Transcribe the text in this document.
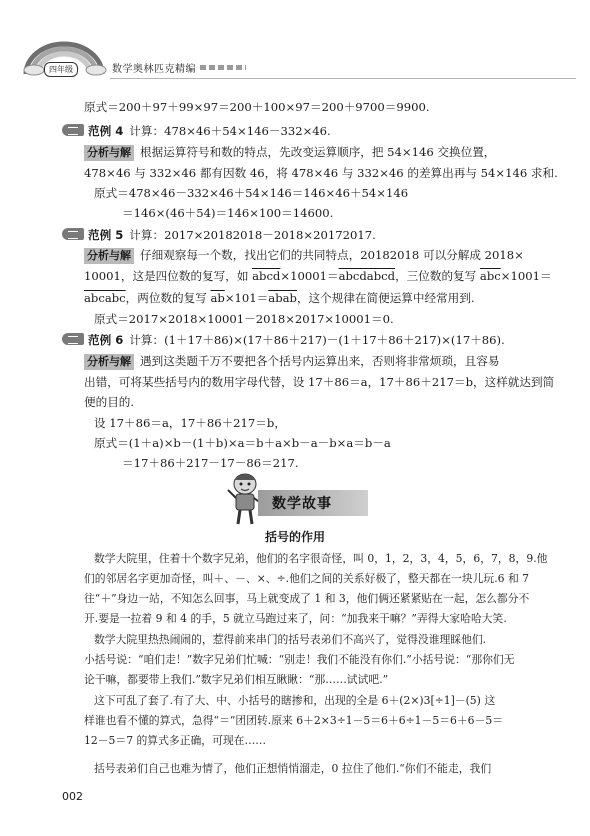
四年级	数学奥林匹克精编
原式＝200＋97＋99×97＝200＋100×97＝200＋9700＝9900.
范例 4 计算：478×46＋54×146－332×46.
分析与解 根据运算符号和数的特点，先改变运算顺序，把 54×146 交换位置，
478×46 与 332×46 都有因数 46，将 478×46 与 332×46 的差算出再与 54×146 求和.
原式＝478×46－332×46＋54×146＝146×46＋54×146
＝146×(46＋54)＝146×100＝14600.
范例 5 计算：2017×20182018－2018×20172017.
分析与解 仔细观察每一个数，找出它们的共同特点，20182018 可以分解成 2018×
10001，这是四位数的复写，如 abcd×10001＝abcdabcd，三位数的复写 $\overline{abc}\times 1001=$
abcabc，两位数的复写 $\overline{ab}\times 101=abab$，这个规律在简便运算中经常用到.
原式＝2017×2018×10001－2018×2017×10001＝0.
范例 6 计算：(1＋17＋86)×(17＋86＋217)－(1＋17＋86＋217)×(17＋86).
分析与解 遇到这类题千万不要把各个括号内运算出来，否则将非常烦琐，且容易
出错，可将某些括号内的数用字母代替，设 17＋86＝a，17＋86＋217＝b，这样就达到简
便的目的.
设 17＋86＝a，17＋86＋217＝b，
原式＝(1＋a)×b－(1＋b)×a＝b＋a×b－a－b×a＝b－a
＝17＋86＋217－17－86＝217.
数学故事
括号的作用
数学大院里，住着十个数字兄弟，他们的名字很奇怪，叫 0，1，2，3，4，5，6，7，8，9.他
们的邻居名字更加奇怪，叫＋、－、×、÷.他们之间的关系好极了，整天都在一块儿玩.6 和 7
往“＋”身边一站，不知怎么回事，马上就变成了 1 和 3，他们俩还紧紧贴在一起，怎么都分不
开.要是一拉着 9 和 4 的手，5 就立马跑过来了，问：“加我来干嘛？”弄得大家哈哈大笑.
数学大院里热热闹闹的，惹得前来串门的括号表弟们不高兴了，觉得没谁理睬他们.
小括号说：“咱们走！”数字兄弟们忙喊：“别走！我们不能没有你们.”小括号说：“那你们无
论干嘛，都要带上我们.”数字兄弟们相互瞅瞅：“那……试试吧.”
这下可乱了套了.有了大、中、小括号的瞎掺和，出现的全是 6＋(2×)3[÷1]－(5) 这
样谁也看不懂的算式，急得“＝”团团转.原来 6＋2×3÷1－5＝6＋6÷1－5＝6＋6－5＝
12－5＝7 的算式多正确，可现在……
括号表弟们自己也难为情了，他们正想悄悄溜走，0 拉住了他们.“你们不能走，我们
002
